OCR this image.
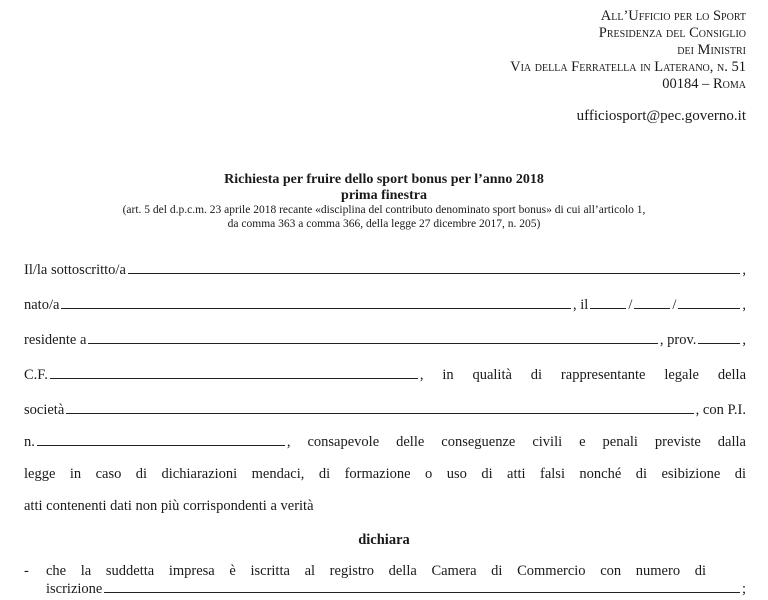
All’Ufficio per lo Sport
Presidenza del Consiglio
dei Ministri
Via della Ferratella in Laterano, n. 51
00184 – Roma
ufficiosport@pec.governo.it
Richiesta per fruire dello sport bonus per l’anno 2018
prima finestra
(art. 5 del d.p.c.m. 23 aprile 2018 recante «disciplina del contributo denominato sport bonus» di cui all’articolo 1,
da comma 363 a comma 366, della legge 27 dicembre 2017, n. 205)
Il/la sottoscritto/a	,
nato/a	, il	/	/	,
residente a	, prov.	,
C.F.	, in qualità di rappresentante legale della
società	, con P.I.
n.	, consapevole delle conseguenze civili e penali previste dalla
legge in caso di dichiarazioni mendaci, di formazione o uso di atti falsi nonché di esibizione di
atti contenenti dati non più corrispondenti a verità
dichiara
- che la suddetta impresa è iscritta al registro della Camera di Commercio con numero di
iscrizione	;
